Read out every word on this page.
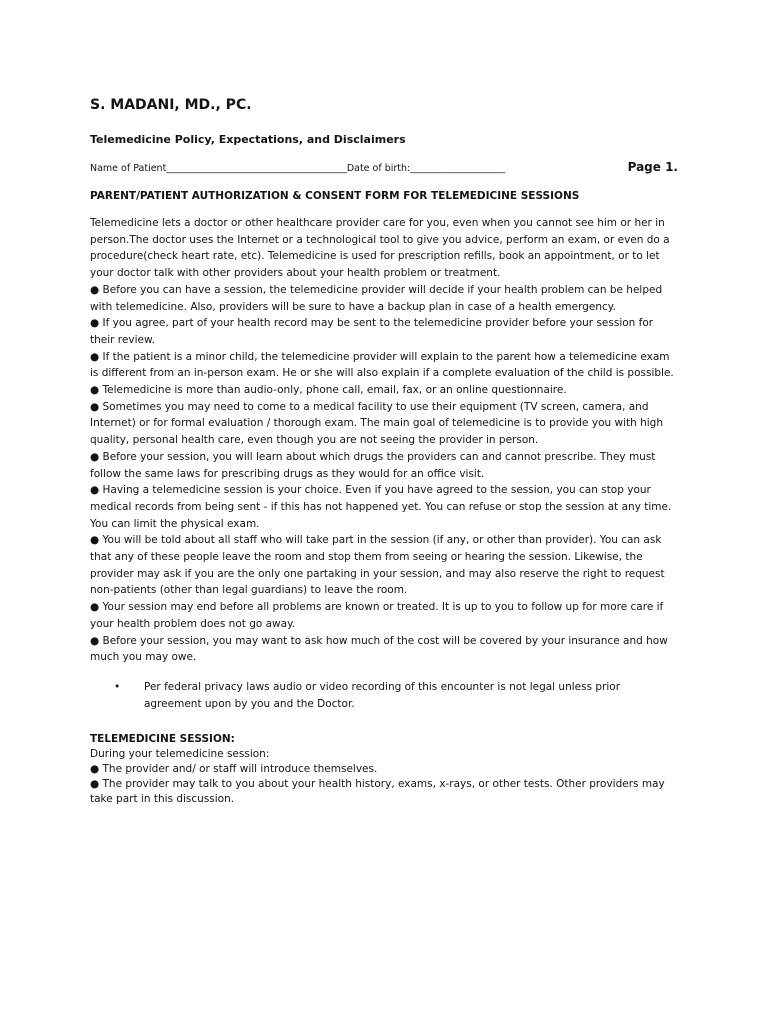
S. MADANI, MD., PC.
Telemedicine Policy, Expectations, and Disclaimers
Name of Patient______________________________________Date of birth:____________________	Page 1.
PARENT/PATIENT AUTHORIZATION & CONSENT FORM FOR TELEMEDICINE SESSIONS

Telemedicine lets a doctor or other healthcare provider care for you, even when you cannot see him or her in person.The doctor uses the Internet or a technological tool to give you advice, perform an exam, or even do a procedure(check heart rate, etc). Telemedicine is used for prescription refills, book an appointment, or to let your doctor talk with other providers about your health problem or treatment.

● Before you can have a session, the telemedicine provider will decide if your health problem can be helped with telemedicine. Also, providers will be sure to have a backup plan in case of a health emergency.

● If you agree, part of your health record may be sent to the telemedicine provider before your session for their review.

● If the patient is a minor child, the telemedicine provider will explain to the parent how a telemedicine exam is different from an in-person exam. He or she will also explain if a complete evaluation of the child is possible.

● Telemedicine is more than audio-only, phone call, email, fax, or an online questionnaire.

● Sometimes you may need to come to a medical facility to use their equipment (TV screen, camera, and Internet) or for formal evaluation / thorough exam. The main goal of telemedicine is to provide you with high quality, personal health care, even though you are not seeing the provider in person.

● Before your session, you will learn about which drugs the providers can and cannot prescribe. They must follow the same laws for prescribing drugs as they would for an office visit.

● Having a telemedicine session is your choice. Even if you have agreed to the session, you can stop your medical records from being sent - if this has not happened yet. You can refuse or stop the session at any time. You can limit the physical exam.

● You will be told about all staff who will take part in the session (if any, or other than provider). You can ask that any of these people leave the room and stop them from seeing or hearing the session. Likewise, the provider may ask if you are the only one partaking in your session, and may also reserve the right to request non-patients (other than legal guardians) to leave the room.

● Your session may end before all problems are known or treated. It is up to you to follow up for more care if your health problem does not go away.

● Before your session, you may want to ask how much of the cost will be covered by your insurance and how much you may owe.

•	Per federal privacy laws audio or video recording of this encounter is not legal unless prior agreement upon by you and the Doctor.
TELEMEDICINE SESSION:

During your telemedicine session:

● The provider and/ or staff will introduce themselves.

● The provider may talk to you about your health history, exams, x-rays, or other tests. Other providers may take part in this discussion.
